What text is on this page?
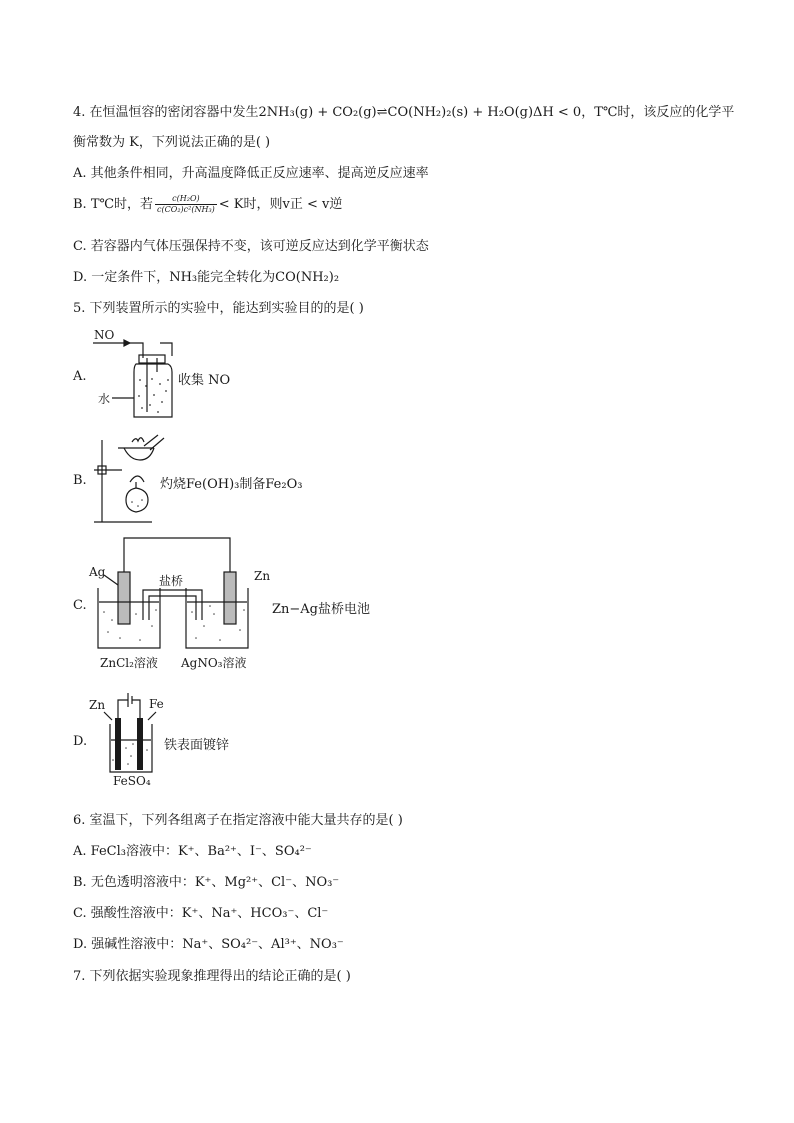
4. 在恒温恒容的密闭容器中发生2NH₃(g) + CO₂(g)⇌CO(NH₂)₂(s) + H₂O(g)ΔH < 0，T℃时，该反应的化学平
衡常数为 K，下列说法正确的是( )
A. 其他条件相同，升高温度降低正反应速率、提高逆反应速率
B. T℃时，若 $\frac{\text{c(H₂O)}}{\text{c(CO₂)c²(NH₃)}} < K$时，则v正 < v逆
C. 若容器内气体压强保持不变，该可逆反应达到化学平衡状态
D. 一定条件下，NH₃能完全转化为CO(NH₂)₂
5. 下列装置所示的实验中，能达到实验目的的是( )
A.
NO
水
收集 NO
B.	灼烧Fe(OH)₃制备Fe₂O₃
C.
Ag	Zn
盐桥
ZnCl₂溶液 AgNO₃溶液
Zn−Ag盐桥电池
D.
Zn	Fe
FeSO₄
铁表面镀锌
6. 室温下，下列各组离子在指定溶液中能大量共存的是( )
A. FeCl₃溶液中：K⁺、Ba²⁺、I⁻、SO₄²⁻
B. 无色透明溶液中：K⁺、Mg²⁺、Cl⁻、NO₃⁻
C. 强酸性溶液中：K⁺、Na⁺、HCO₃⁻、Cl⁻
D. 强碱性溶液中：Na⁺、SO₄²⁻、Al³⁺、NO₃⁻
7. 下列依据实验现象推理得出的结论正确的是( )
